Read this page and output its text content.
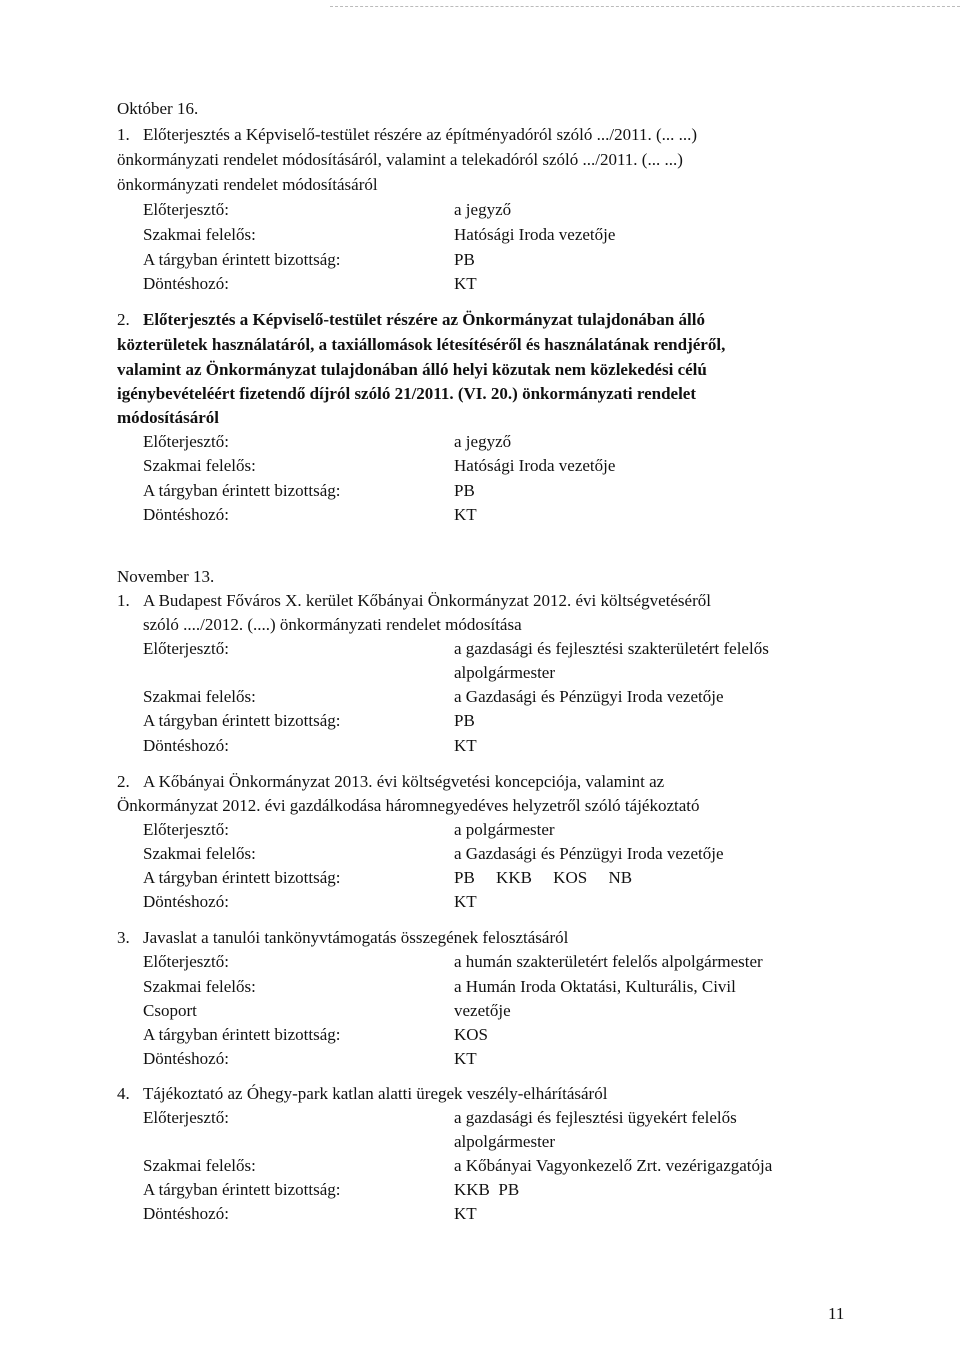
Október 16.
1. Előterjesztés a Képviselő-testület részére az építményadóról szóló .../2011. (... ...)
önkormányzati rendelet módosításáról, valamint a telekadóról szóló .../2011. (... ...)
önkormányzati rendelet módosításáról
Előterjesztő:	a jegyző
Szakmai felelős:	Hatósági Iroda vezetője
A tárgyban érintett bizottság:	PB
Döntéshozó:	KT
2. Előterjesztés a Képviselő-testület részére az Önkormányzat tulajdonában álló
közterületek használatáról, a taxiállomások létesítéséről és használatának rendjéről,
valamint az Önkormányzat tulajdonában álló helyi közutak nem közlekedési célú
igénybevételéért fizetendő díjról szóló 21/2011. (VI. 20.) önkormányzati rendelet
módosításáról
Előterjesztő:	a jegyző
Szakmai felelős:	Hatósági Iroda vezetője
A tárgyban érintett bizottság:	PB
Döntéshozó:	KT
November 13.
1. A Budapest Főváros X. kerület Kőbányai Önkormányzat 2012. évi költségvetéséről
szóló ..../2012. (....) önkormányzati rendelet módosítása
Előterjesztő:	a gazdasági és fejlesztési szakterületért felelős
alpolgármester
Szakmai felelős:	a Gazdasági és Pénzügyi Iroda vezetője
A tárgyban érintett bizottság:	PB
Döntéshozó:	KT
2. A Kőbányai Önkormányzat 2013. évi költségvetési koncepciója, valamint az
Önkormányzat 2012. évi gazdálkodása háromnegyedéves helyzetről szóló tájékoztató
Előterjesztő:	a polgármester
Szakmai felelős:	a Gazdasági és Pénzügyi Iroda vezetője
A tárgyban érintett bizottság:	PB     KKB     KOS     NB
Döntéshozó:	KT
3. Javaslat a tanulói tankönyvtámogatás összegének felosztásáról
Előterjesztő:	a humán szakterületért felelős alpolgármester
Szakmai felelős:	a Humán Iroda Oktatási, Kulturális, Civil
Csoport	vezetője
A tárgyban érintett bizottság:	KOS
Döntéshozó:	KT
4. Tájékoztató az Óhegy-park katlan alatti üregek veszély-elhárításáról
Előterjesztő:	a gazdasági és fejlesztési ügyekért felelős
alpolgármester
Szakmai felelős:	a Kőbányai Vagyonkezelő Zrt. vezérigazgatója
A tárgyban érintett bizottság:	KKB  PB
Döntéshozó:	KT
11
